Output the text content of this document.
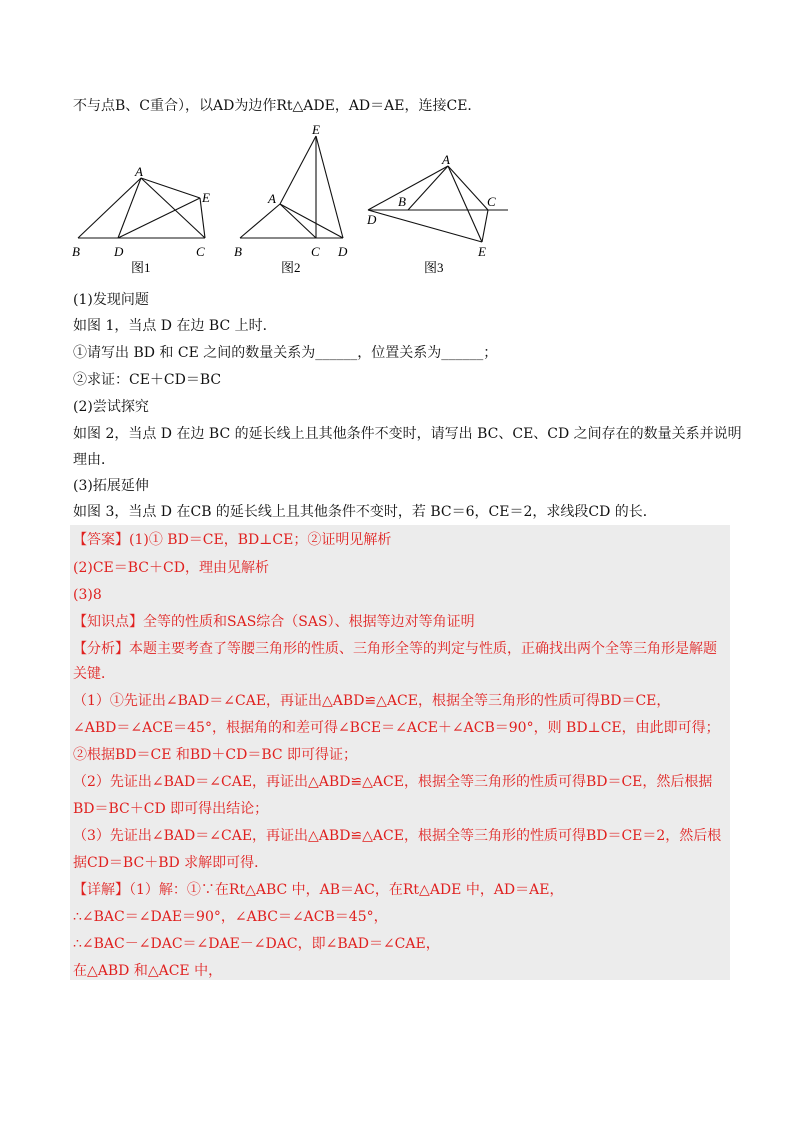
不与点B、C重合），以AD为边作Rt△ADE，AD＝AE，连接CE．
A
E
B	D	C
图1
E
A
B	C D
图2
A
B	C
D
E
图3
(1)发现问题
如图 1，当点 D 在边 BC 上时．
①请写出 BD 和 CE 之间的数量关系为______，位置关系为______；
②求证：CE＋CD＝BC
(2)尝试探究
如图 2，当点 D 在边 BC 的延长线上且其他条件不变时，请写出 BC、CE、CD 之间存在的数量关系并说明
理由．
(3)拓展延伸
如图 3，当点 D 在CB 的延长线上且其他条件不变时，若 BC＝6，CE＝2，求线段CD 的长．
【答案】(1)① BD＝CE，BD⊥CE；②证明见解析
(2)CE＝BC＋CD，理由见解析
(3)8
【知识点】全等的性质和SAS综合（SAS）、根据等边对等角证明
【分析】本题主要考查了等腰三角形的性质、三角形全等的判定与性质，正确找出两个全等三角形是解题
关键．
（1）①先证出∠BAD＝∠CAE，再证出△ABD≌△ACE，根据全等三角形的性质可得BD＝CE，
∠ABD＝∠ACE＝45°，根据角的和差可得∠BCE＝∠ACE＋∠ACB＝90°，则 BD⊥CE，由此即可得；
②根据BD＝CE 和BD＋CD＝BC 即可得证；
（2）先证出∠BAD＝∠CAE，再证出△ABD≌△ACE，根据全等三角形的性质可得BD＝CE，然后根据
BD＝BC＋CD 即可得出结论；
（3）先证出∠BAD＝∠CAE，再证出△ABD≌△ACE，根据全等三角形的性质可得BD＝CE＝2，然后根
据CD＝BC＋BD 求解即可得．
【详解】（1）解：①∵在Rt△ABC 中，AB＝AC，在Rt△ADE 中，AD＝AE，
∴∠BAC＝∠DAE＝90°，∠ABC＝∠ACB＝45°，
∴∠BAC－∠DAC＝∠DAE－∠DAC，即∠BAD＝∠CAE，
在△ABD 和△ACE 中，
